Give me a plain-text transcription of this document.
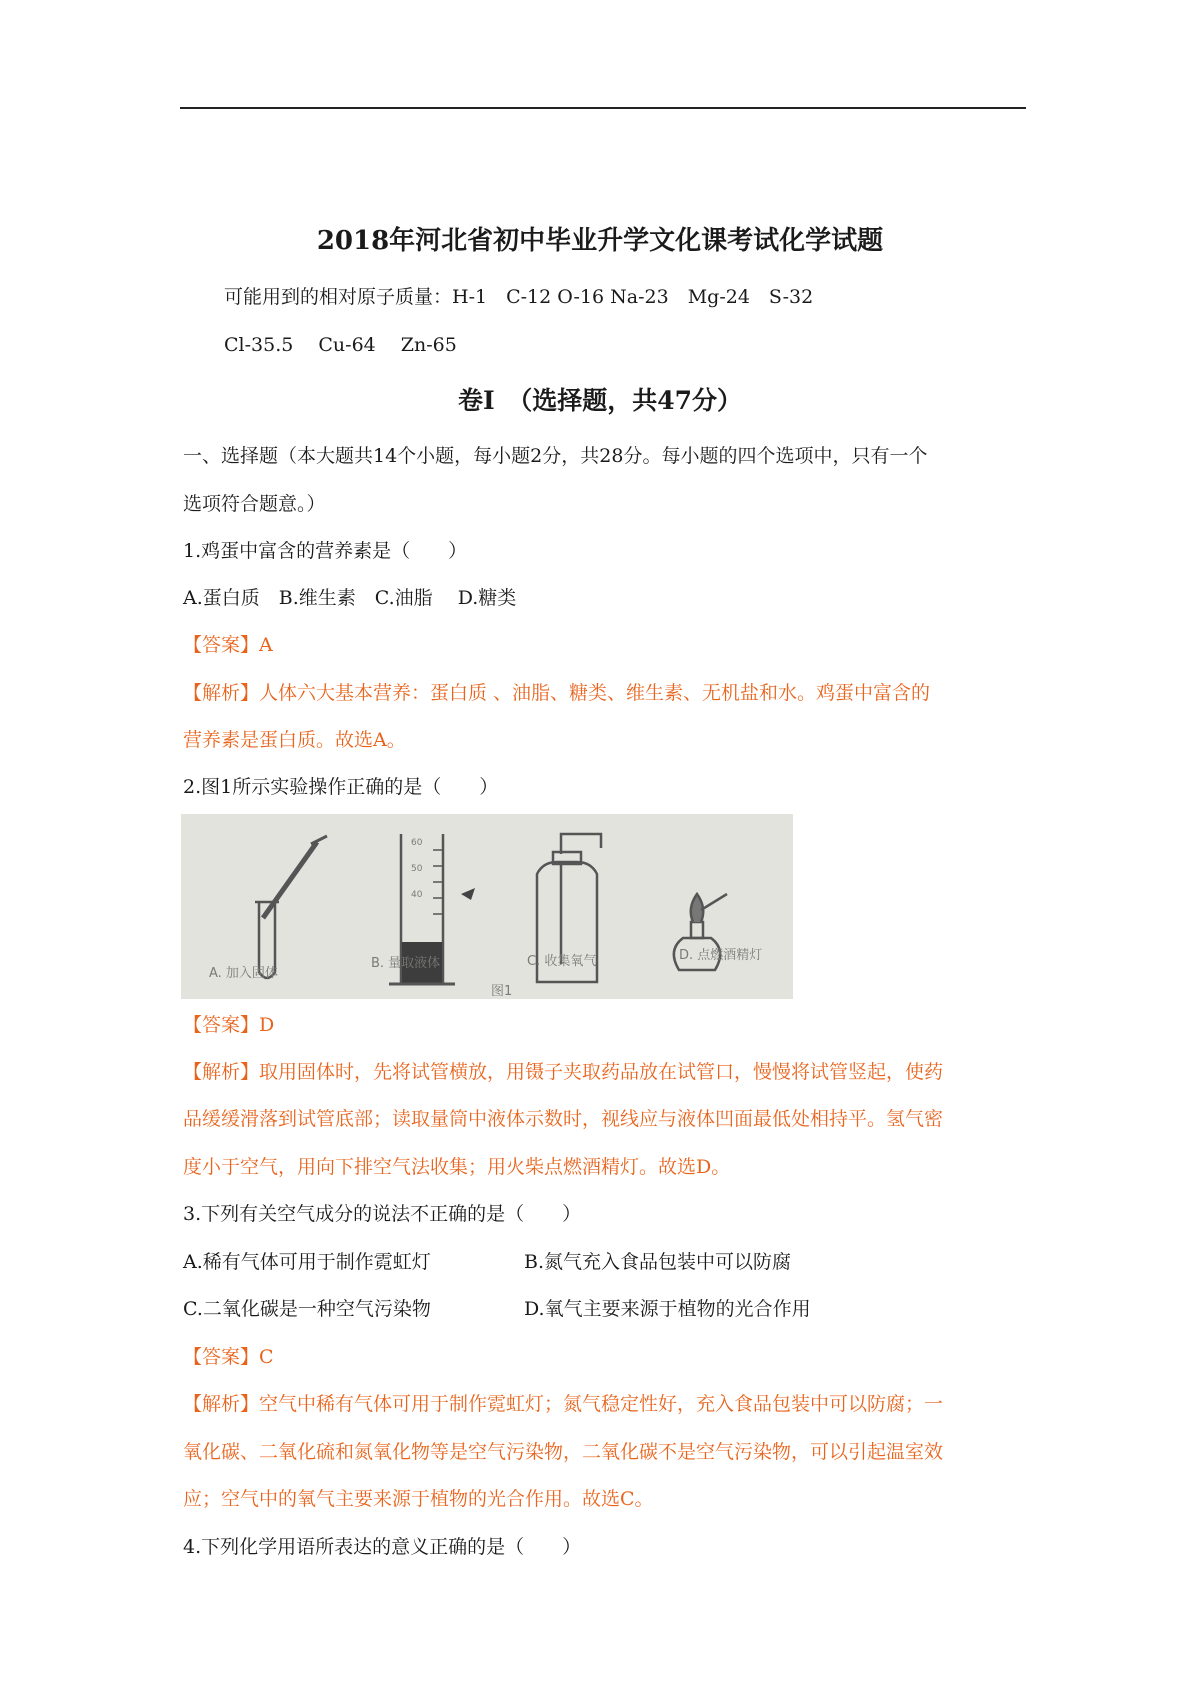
2018年河北省初中毕业升学文化课考试化学试题
可能用到的相对原子质量：H-1　C-12 O-16 Na-23　Mg-24　S-32
Cl-35.5　 Cu-64　 Zn-65
卷Ⅰ　（选择题，共47分）
一、选择题（本大题共14个小题，每小题2分，共28分。每小题的四个选项中，只有一个
选项符合题意。）
1.鸡蛋中富含的营养素是（　　）
A.蛋白质　B.维生素　C.油脂　 D.糖类
【答案】A
【解析】人体六大基本营养：蛋白质 、油脂、糖类、维生素、无机盐和水。鸡蛋中富含的
营养素是蛋白质。故选A。
2.图1所示实验操作正确的是（　　）
A. 加入固体
B. 量取液体	C. 收集氧气	D. 点燃酒精灯
图1
60
50
40
【答案】D
【解析】取用固体时，先将试管横放，用镊子夹取药品放在试管口，慢慢将试管竖起，使药
品缓缓滑落到试管底部；读取量筒中液体示数时，视线应与液体凹面最低处相持平。氢气密
度小于空气，用向下排空气法收集；用火柴点燃酒精灯。故选D。
3.下列有关空气成分的说法不正确的是（　　）
A.稀有气体可用于制作霓虹灯	B.氮气充入食品包装中可以防腐
C.二氧化碳是一种空气污染物	D.氧气主要来源于植物的光合作用
【答案】C
【解析】空气中稀有气体可用于制作霓虹灯；氮气稳定性好，充入食品包装中可以防腐；一
氧化碳、二氧化硫和氮氧化物等是空气污染物，二氧化碳不是空气污染物，可以引起温室效
应；空气中的氧气主要来源于植物的光合作用。故选C。
4.下列化学用语所表达的意义正确的是（　　）
